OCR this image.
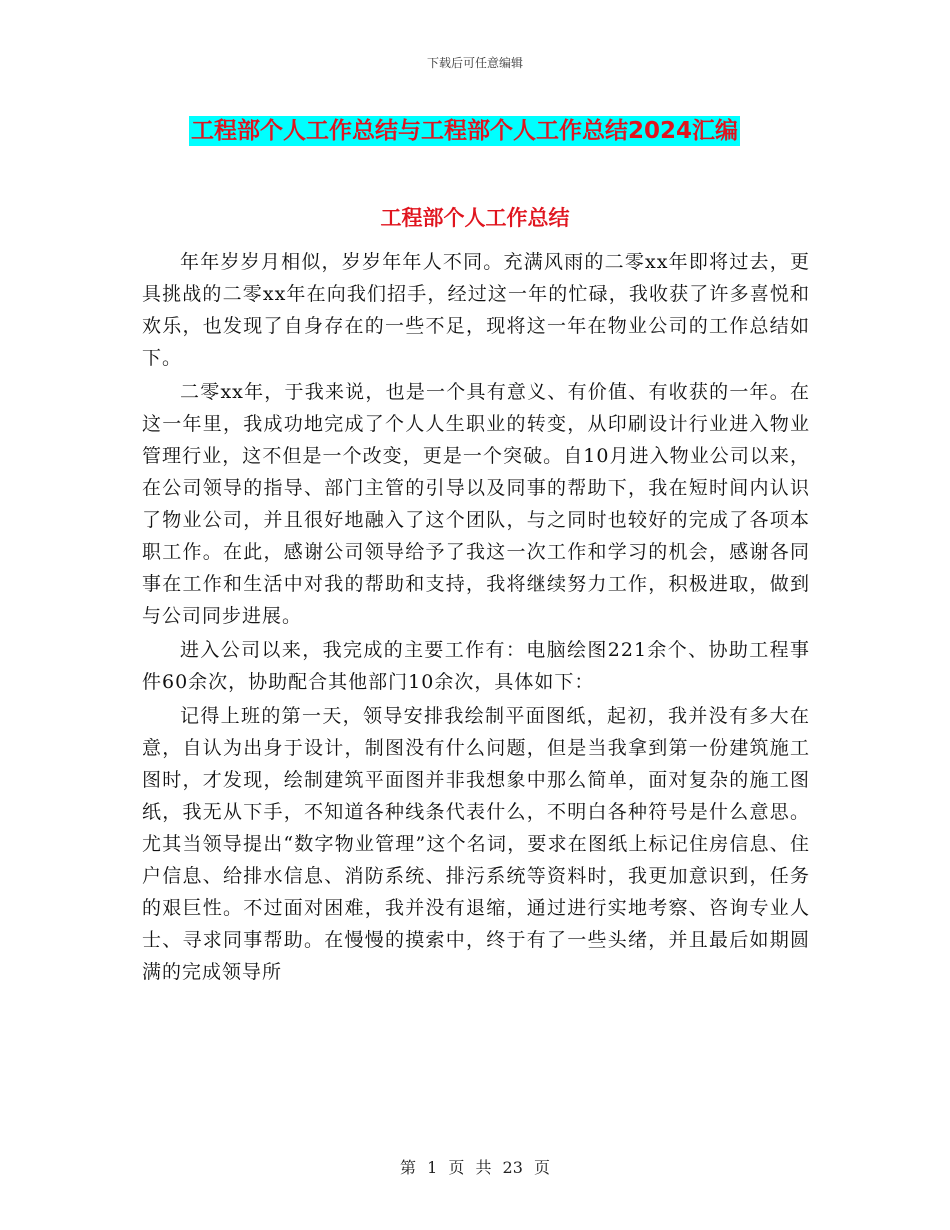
下载后可任意编辑
工程部个人工作总结与工程部个人工作总结2024汇编
工程部个人工作总结

年年岁岁月相似，岁岁年年人不同。充满风雨的二零xx年即将过去，更具挑战的二零xx年在向我们招手，经过这一年的忙碌，我收获了许多喜悦和欢乐，也发现了自身存在的一些不足，现将这一年在物业公司的工作总结如下。

二零xx年，于我来说，也是一个具有意义、有价值、有收获的一年。在这一年里，我成功地完成了个人人生职业的转变，从印刷设计行业进入物业管理行业，这不但是一个改变，更是一个突破。自10月进入物业公司以来，在公司领导的指导、部门主管的引导以及同事的帮助下，我在短时间内认识了物业公司，并且很好地融入了这个团队，与之同时也较好的完成了各项本职工作。在此，感谢公司领导给予了我这一次工作和学习的机会，感谢各同事在工作和生活中对我的帮助和支持，我将继续努力工作，积极进取，做到与公司同步进展。

进入公司以来，我完成的主要工作有：电脑绘图221余个、协助工程事件60余次，协助配合其他部门10余次，具体如下：

记得上班的第一天，领导安排我绘制平面图纸，起初，我并没有多大在意，自认为出身于设计，制图没有什么问题，但是当我拿到第一份建筑施工图时，才发现，绘制建筑平面图并非我想象中那么简单，面对复杂的施工图纸，我无从下手，不知道各种线条代表什么，不明白各种符号是什么意思。尤其当领导提出“数字物业管理”这个名词，要求在图纸上标记住房信息、住户信息、给排水信息、消防系统、排污系统等资料时，我更加意识到，任务的艰巨性。不过面对困难，我并没有退缩，通过进行实地考察、咨询专业人士、寻求同事帮助。在慢慢的摸索中，终于有了一些头绪，并且最后如期圆满的完成领导所

第 1 页 共 23 页
